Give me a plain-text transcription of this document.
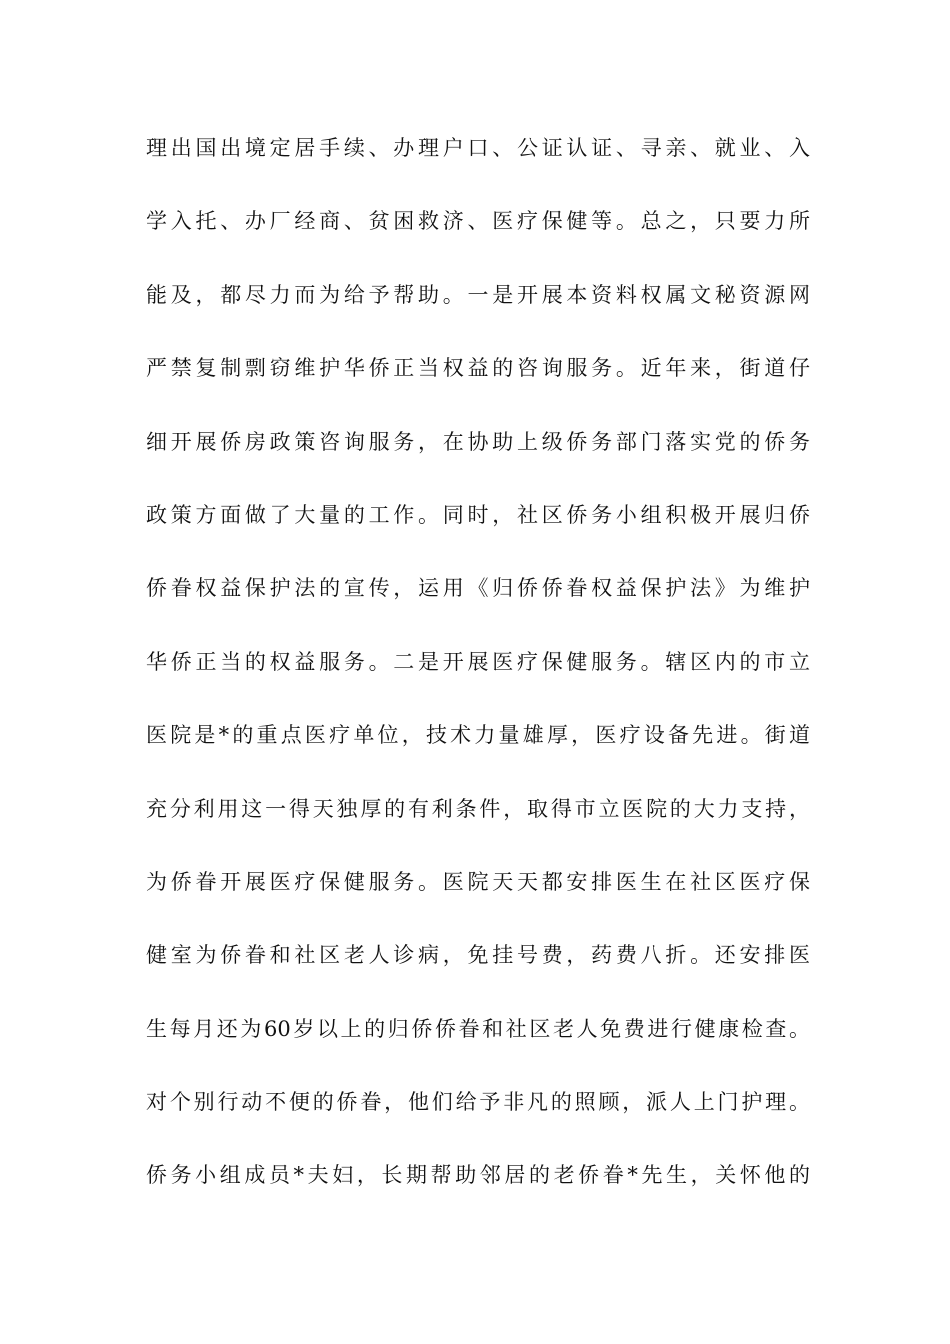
理出国出境定居手续、办理户口、公证认证、寻亲、就业、入
学入托、办厂经商、贫困救济、医疗保健等。总之，只要力所
能及，都尽力而为给予帮助。一是开展本资料权属文秘资源网
严禁复制剽窃维护华侨正当权益的咨询服务。近年来，街道仔
细开展侨房政策咨询服务，在协助上级侨务部门落实党的侨务
政策方面做了大量的工作。同时，社区侨务小组积极开展归侨
侨眷权益保护法的宣传，运用《归侨侨眷权益保护法》为维护
华侨正当的权益服务。二是开展医疗保健服务。辖区内的市立
医院是*的重点医疗单位，技术力量雄厚，医疗设备先进。街道
充分利用这一得天独厚的有利条件，取得市立医院的大力支持，
为侨眷开展医疗保健服务。医院天天都安排医生在社区医疗保
健室为侨眷和社区老人诊病，免挂号费，药费八折。还安排医
生每月还为60岁以上的归侨侨眷和社区老人免费进行健康检查。
对个别行动不便的侨眷，他们给予非凡的照顾，派人上门护理。
侨务小组成员*夫妇，长期帮助邻居的老侨眷*先生，关怀他的
